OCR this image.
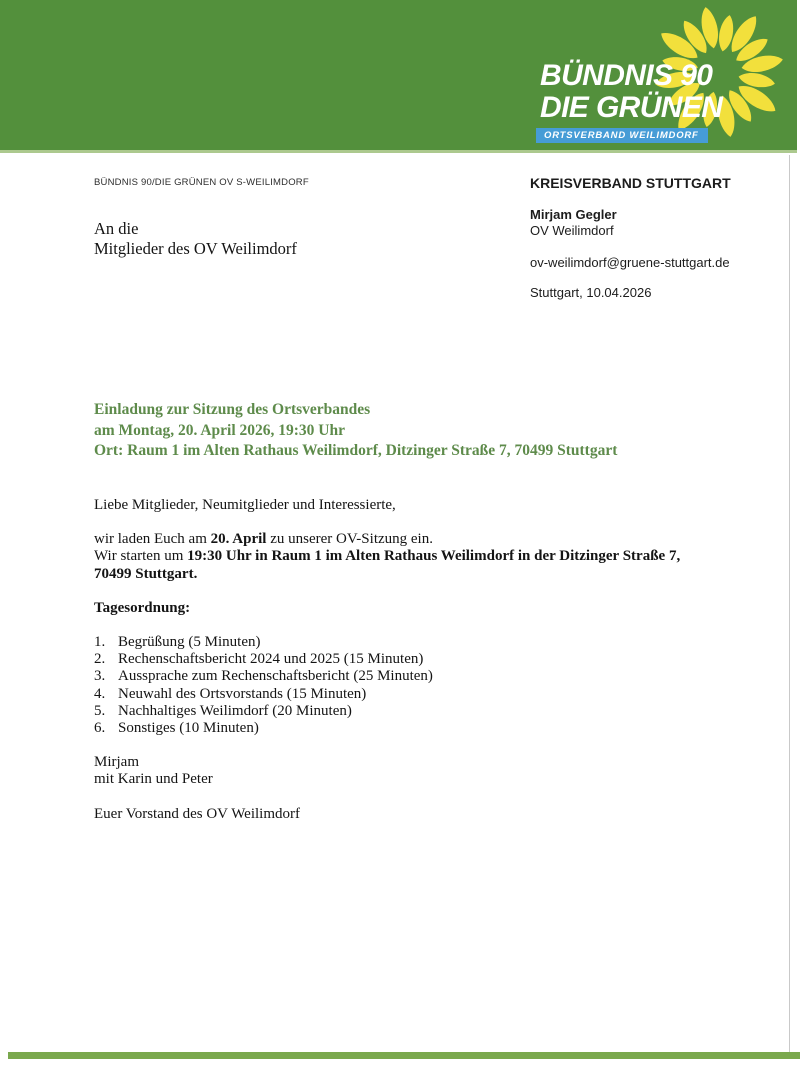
BÜNDNIS 90
DIE GRÜNEN
ORTSVERBAND WEILIMDORF
BÜNDNIS 90/DIE GRÜNEN OV S-WEILIMDORF
An die
Mitglieder des OV Weilimdorf
KREISVERBAND STUTTGART
Mirjam Gegler
OV Weilimdorf
ov-weilimdorf@gruene-stuttgart.de
Stuttgart, 10.04.2026
Einladung zur Sitzung des Ortsverbandes
am Montag, 20. April 2026, 19:30 Uhr
Ort: Raum 1 im Alten Rathaus Weilimdorf, Ditzinger Straße 7, 70499 Stuttgart

Liebe Mitglieder, Neumitglieder und Interessierte,

wir laden Euch am 20. April zu unserer OV-Sitzung ein.
Wir starten um 19:30 Uhr in Raum 1 im Alten Rathaus Weilimdorf in der Ditzinger Straße 7,
70499 Stuttgart.

Tagesordnung:

1. Begrüßung (5 Minuten)
2. Rechenschaftsbericht 2024 und 2025 (15 Minuten)
3. Aussprache zum Rechenschaftsbericht (25 Minuten)
4. Neuwahl des Ortsvorstands (15 Minuten)
5. Nachhaltiges Weilimdorf (20 Minuten)
6. Sonstiges (10 Minuten)

Mirjam
mit Karin und Peter

Euer Vorstand des OV Weilimdorf
